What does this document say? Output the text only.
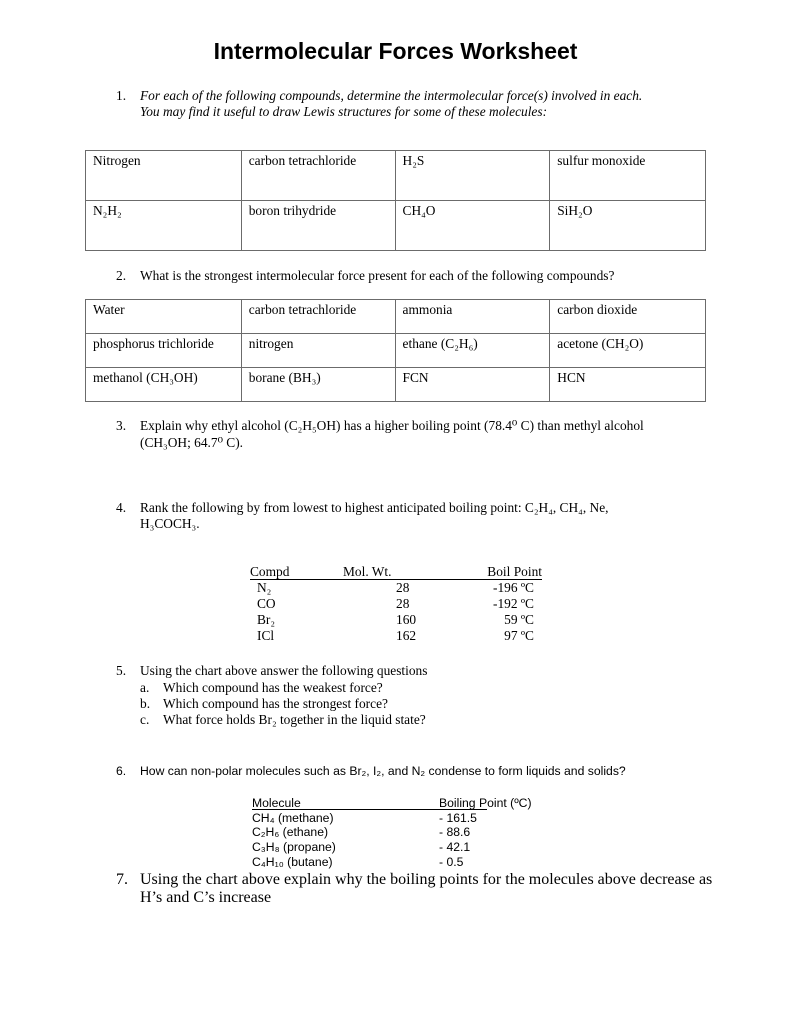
Intermolecular Forces Worksheet
1. For each of the following compounds, determine the intermolecular force(s) involved in each.
You may find it useful to draw Lewis structures for some of these molecules:
Nitrogen	carbon tetrachloride	H₂S	sulfur monoxide
N₂H₂	boron trihydride	CH₄O	SiH₂O
2. What is the strongest intermolecular force present for each of the following compounds?
Water	carbon tetrachloride	ammonia	carbon dioxide
phosphorus trichloride	nitrogen	ethane (C₂H₆)	acetone (CH₂O)
methanol (CH₃OH)	borane (BH₃)	FCN	HCN
3. Explain why ethyl alcohol (C₂H₅OH) has a higher boiling point (78.4⁰ C) than methyl alcohol
(CH₃OH; 64.7⁰ C).
4. Rank the following by from lowest to highest anticipated boiling point: C₂H₄, CH₄, Ne,
H₃COCH₃.
Compd	Mol. Wt.	Boil Point
N₂	28	-196 ºC
CO	28	-192 ºC
Br₂	160	59 ºC
ICl	162	97 ºC
5. Using the chart above answer the following questions
a. Which compound has the weakest force?
b. Which compound has the strongest force?
c. What force holds Br₂ together in the liquid state?
6. How can non-polar molecules such as Br₂, I₂, and N₂ condense to form liquids and solids?
Molecule	Boiling Point (ºC)
CH₄ (methane)	- 161.5
C₂H₆ (ethane)	- 88.6
C₃H₈ (propane)	- 42.1
C₄H₁₀ (butane)	- 0.5
7. Using the chart above explain why the boiling points for the molecules above decrease as
H’s and C’s increase
